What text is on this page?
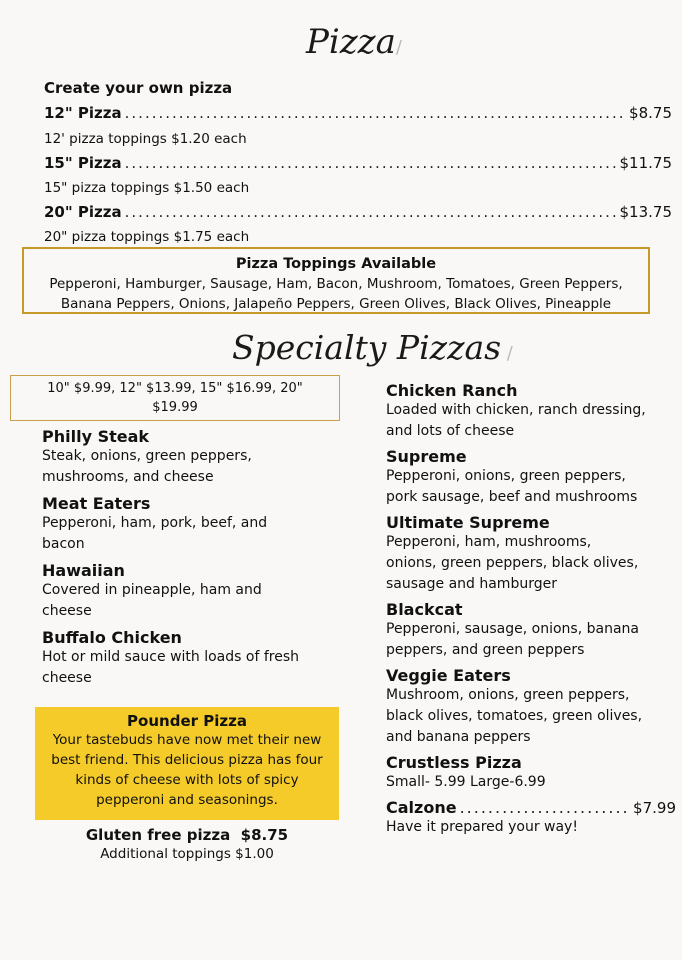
Pizza/
Create your own pizza
12" Pizza .....	$8.75
12' pizza toppings $1.20 each
15" Pizza .....	$11.75
15" pizza toppings $1.50 each
20" Pizza .....	$13.75
20" pizza toppings $1.75 each
Pizza Toppings Available
Pepperoni, Hamburger, Sausage, Ham, Bacon, Mushroom, Tomatoes, Green Peppers,
Banana Peppers, Onions, Jalapeño Peppers, Green Olives, Black Olives, Pineapple
Specialty Pizzas /
10" $9.99, 12" $13.99, 15" $16.99, 20"
$19.99
Philly Steak
Steak, onions, green peppers,
mushrooms, and cheese
Meat Eaters
Pepperoni, ham, pork, beef, and
bacon
Hawaiian
Covered in pineapple, ham and
cheese
Buffalo Chicken
Hot or mild sauce with loads of fresh
cheese
Pounder Pizza
Your tastebuds have now met their new
best friend. This delicious pizza has four
kinds of cheese with lots of spicy
pepperoni and seasonings.
Gluten free pizza $8.75
Additional toppings $1.00
Chicken Ranch
Loaded with chicken, ranch dressing,
and lots of cheese
Supreme
Pepperoni, onions, green peppers,
pork sausage, beef and mushrooms
Ultimate Supreme
Pepperoni, ham, mushrooms,
onions, green peppers, black olives,
sausage and hamburger
Blackcat
Pepperoni, sausage, onions, banana
peppers, and green peppers
Veggie Eaters
Mushroom, onions, green peppers,
black olives, tomatoes, green olives,
and banana peppers
Crustless Pizza
Small- 5.99 Large-6.99
Calzone .....	$7.99
Have it prepared your way!
